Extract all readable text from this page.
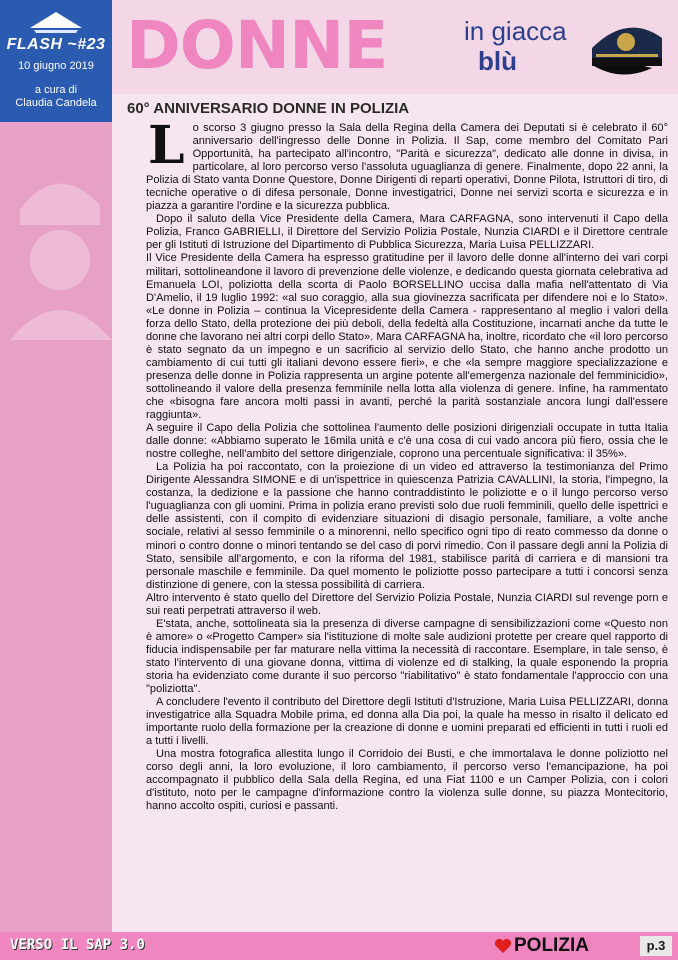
FLASH ~#23
10 giugno 2019
a cura di
Claudia Candela
DONNE	in giacca
blù
60° ANNIVERSARIO DONNE IN POLIZIA

Lo scorso 3 giugno presso la Sala della Regina della Camera dei Deputati si è celebrato il 60° anniversario dell'ingresso delle Donne in Polizia. Il Sap, come membro del Comitato Pari Opportunità, ha partecipato all'incontro, "Parità e sicurezza", dedicato alle donne in divisa, in particolare, al loro percorso verso l'assoluta uguaglianza di genere. Finalmente, dopo 22 anni, la Polizia di Stato vanta Donne Questore, Donne Dirigenti di reparti operativi, Donne Pilota, Istruttori di tiro, di tecniche operative o di difesa personale, Donne investigatrici, Donne nei servizi scorta e sicurezza e in piazza a garantire l'ordine e la sicurezza pubblica.

Dopo il saluto della Vice Presidente della Camera, Mara CARFAGNA, sono intervenuti il Capo della Polizia, Franco GABRIELLI, il Direttore del Servizio Polizia Postale, Nunzia CIARDI e il Direttore centrale per gli Istituti di Istruzione del Dipartimento di Pubblica Sicurezza, Maria Luisa PELLIZZARI.

Il Vice Presidente della Camera ha espresso gratitudine per il lavoro delle donne all'interno dei vari corpi militari, sottolineandone il lavoro di prevenzione delle violenze, e dedicando questa giornata celebrativa ad Emanuela LOI, poliziotta della scorta di Paolo BORSELLINO uccisa dalla mafia nell'attentato di Via D'Amelio, il 19 luglio 1992: «al suo coraggio, alla sua giovinezza sacrificata per difendere noi e lo Stato». «Le donne in Polizia – continua la Vicepresidente della Camera - rappresentano al meglio i valori della forza dello Stato, della protezione dei più deboli, della fedeltà alla Costituzione, incarnati anche da tutte le donne che lavorano nei altri corpi dello Stato». Mara CARFAGNA ha, inoltre, ricordato che «il loro percorso è stato segnato da un impegno e un sacrificio al servizio dello Stato, che hanno anche prodotto un cambiamento di cui tutti gli italiani devono essere fieri», e che «la sempre maggiore specializzazione e presenza delle donne in Polizia rappresenta un argine potente all'emergenza nazionale del femminicidio», sottolineando il valore della presenza femminile nella lotta alla violenza di genere. Infine, ha rammentato che «bisogna fare ancora molti passi in avanti, perché la parità sostanziale ancora lungi dall'essere raggiunta».

A seguire il Capo della Polizia che sottolinea l'aumento delle posizioni dirigenziali occupate in tutta Italia dalle donne: «Abbiamo superato le 16mila unità e c'è una cosa di cui vado ancora più fiero, ossia che le nostre colleghe, nell'ambito del settore dirigenziale, coprono una percentuale significativa: il 35%».

La Polizia ha poi raccontato, con la proiezione di un video ed attraverso la testimonianza del Primo Dirigente Alessandra SIMONE e di un'ispettrice in quiescenza Patrizia CAVALLINI, la storia, l'impegno, la costanza, la dedizione e la passione che hanno contraddistinto le poliziotte e o il lungo percorso verso l'uguaglianza con gli uomini. Prima in polizia erano previsti solo due ruoli femminili, quello delle ispettrici e delle assistenti, con il compito di evidenziare situazioni di disagio personale, familiare, a volte anche sociale, relativi al sesso femminile o a minorenni, nello specifico ogni tipo di reato commesso da donne o minori o contro donne o minori tentando se del caso di porvi rimedio. Con il passare degli anni la Polizia di Stato, sensibile all'argomento, e con la riforma del 1981, stabilisce parità di carriera e di mansioni tra personale maschile e femminile. Da quel momento le poliziotte posso partecipare a tutti i concorsi senza distinzione di genere, con la stessa possibilità di carriera.

Altro intervento è stato quello del Direttore del Servizio Polizia Postale, Nunzia CIARDI sul revenge porn e sui reati perpetrati attraverso il web.

E'stata, anche, sottolineata sia la presenza di diverse campagne di sensibilizzazioni come «Questo non è amore» o «Progetto Camper» sia l'istituzione di molte sale audizioni protette per creare quel rapporto di fiducia indispensabile per far maturare nella vittima la necessità di raccontare. Esemplare, in tale senso, è stato l'intervento di una giovane donna, vittima di violenze ed di stalking, la quale esponendo la propria storia ha evidenziato come durante il suo percorso "riabilitativo" è stato fondamentale l'approccio con una "poliziotta".

A concludere l'evento il contributo del Direttore degli Istituti d'Istruzione, Maria Luisa PELLIZZARI, donna investigatrice alla Squadra Mobile prima, ed donna alla Dia poi, la quale ha messo in risalto il delicato ed importante ruolo della formazione per la creazione di donne e uomini preparati ed efficienti in tutti i ruoli ed a tutti i livelli.

Una mostra fotografica allestita lungo il Corridoio dei Busti, e che immortalava le donne poliziotto nel corso degli anni, la loro evoluzione, il loro cambiamento, il percorso verso l'emancipazione, ha poi accompagnato il pubblico della Sala della Regina, ed una Fiat 1100 e un Camper Polizia, con i colori d'istituto, noto per le campagne d'informazione contro la violenza sulle donne, su piazza Montecitorio, hanno accolto ospiti, curiosi e passanti.

VERSO IL SAP 3.0	POLIZIA	p.3
